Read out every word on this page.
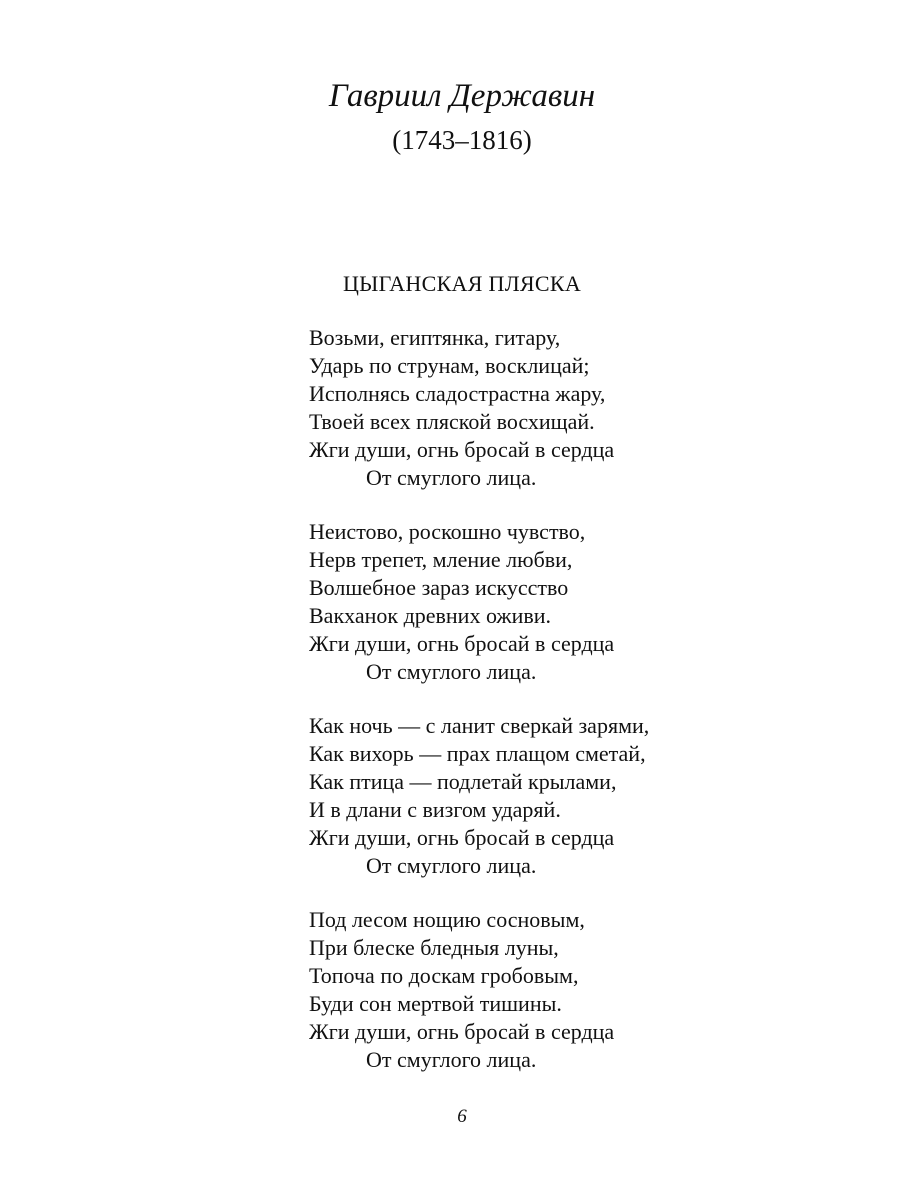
Гавриил Державин
(1743–1816)
ЦЫГАНСКАЯ ПЛЯСКА
Возьми, египтянка, гитару,
Ударь по струнам, восклицай;
Исполнясь сладострастна жару,
Твоей всех пляской восхищай.
Жги души, огнь бросай в сердца
От смуглого лица.
Неистово, роскошно чувство,
Нерв трепет, мление любви,
Волшебное зараз искусство
Вакханок древних оживи.
Жги души, огнь бросай в сердца
От смуглого лица.
Как ночь — с ланит сверкай зарями,
Как вихорь — прах плащом сметай,
Как птица — подлетай крылами,
И в длани с визгом ударяй.
Жги души, огнь бросай в сердца
От смуглого лица.
Под лесом нощию сосновым,
При блеске бледныя луны,
Топоча по доскам гробовым,
Буди сон мертвой тишины.
Жги души, огнь бросай в сердца
От смуглого лица.
6
